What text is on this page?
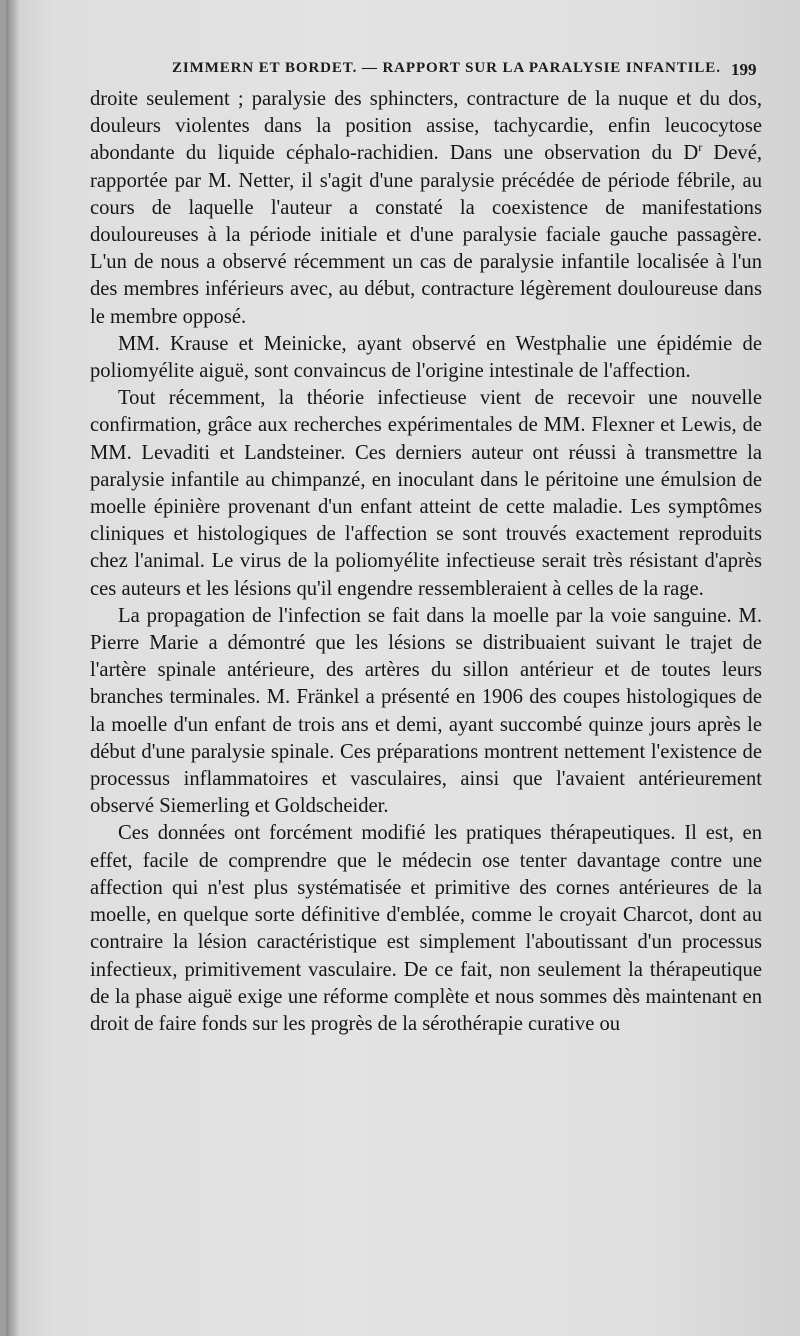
ZIMMERN ET BORDET. — RAPPORT SUR LA PARALYSIE INFANTILE. 199

droite seulement ; paralysie des sphincters, contracture de la nuque et du dos, douleurs violentes dans la position assise, tachycardie, enfin leucocytose abondante du liquide céphalo-rachidien. Dans une observation du $D^r$ Devé, rapportée par M. Netter, il s'agit d'une paralysie précédée de période fébrile, au cours de laquelle l'auteur a constaté la coexistence de manifestations douloureuses à la période initiale et d'une paralysie faciale gauche passagère. L'un de nous a observé récemment un cas de paralysie infantile localisée à l'un des membres inférieurs avec, au début, contracture légèrement douloureuse dans le membre opposé.

MM. Krause et Meinicke, ayant observé en Westphalie une épidémie de poliomyélite aiguë, sont convaincus de l'origine intestinale de l'affection.

Tout récemment, la théorie infectieuse vient de recevoir une nouvelle confirmation, grâce aux recherches expérimentales de MM. Flexner et Lewis, de MM. Levaditi et Landsteiner. Ces derniers auteur ont réussi à transmettre la paralysie infantile au chimpanzé, en inoculant dans le péritoine une émulsion de moelle épinière provenant d'un enfant atteint de cette maladie. Les symptômes cliniques et histologiques de l'affection se sont trouvés exactement reproduits chez l'animal. Le virus de la poliomyélite infectieuse serait très résistant d'après ces auteurs et les lésions qu'il engendre ressembleraient à celles de la rage.

La propagation de l'infection se fait dans la moelle par la voie sanguine. M. Pierre Marie a démontré que les lésions se distribuaient suivant le trajet de l'artère spinale antérieure, des artères du sillon antérieur et de toutes leurs branches terminales. M. Fränkel a présenté en 1906 des coupes histologiques de la moelle d'un enfant de trois ans et demi, ayant succombé quinze jours après le début d'une paralysie spinale. Ces préparations montrent nettement l'existence de processus inflammatoires et vasculaires, ainsi que l'avaient antérieurement observé Siemerling et Goldscheider.

Ces données ont forcément modifié les pratiques thérapeutiques. Il est, en effet, facile de comprendre que le médecin ose tenter davantage contre une affection qui n'est plus systématisée et primitive des cornes antérieures de la moelle, en quelque sorte définitive d'emblée, comme le croyait Charcot, dont au contraire la lésion caractéristique est simplement l'aboutissant d'un processus infectieux, primitivement vasculaire. De ce fait, non seulement la thérapeutique de la phase aiguë exige une réforme complète et nous sommes dès maintenant en droit de faire fonds sur les progrès de la sérothérapie curative ou
